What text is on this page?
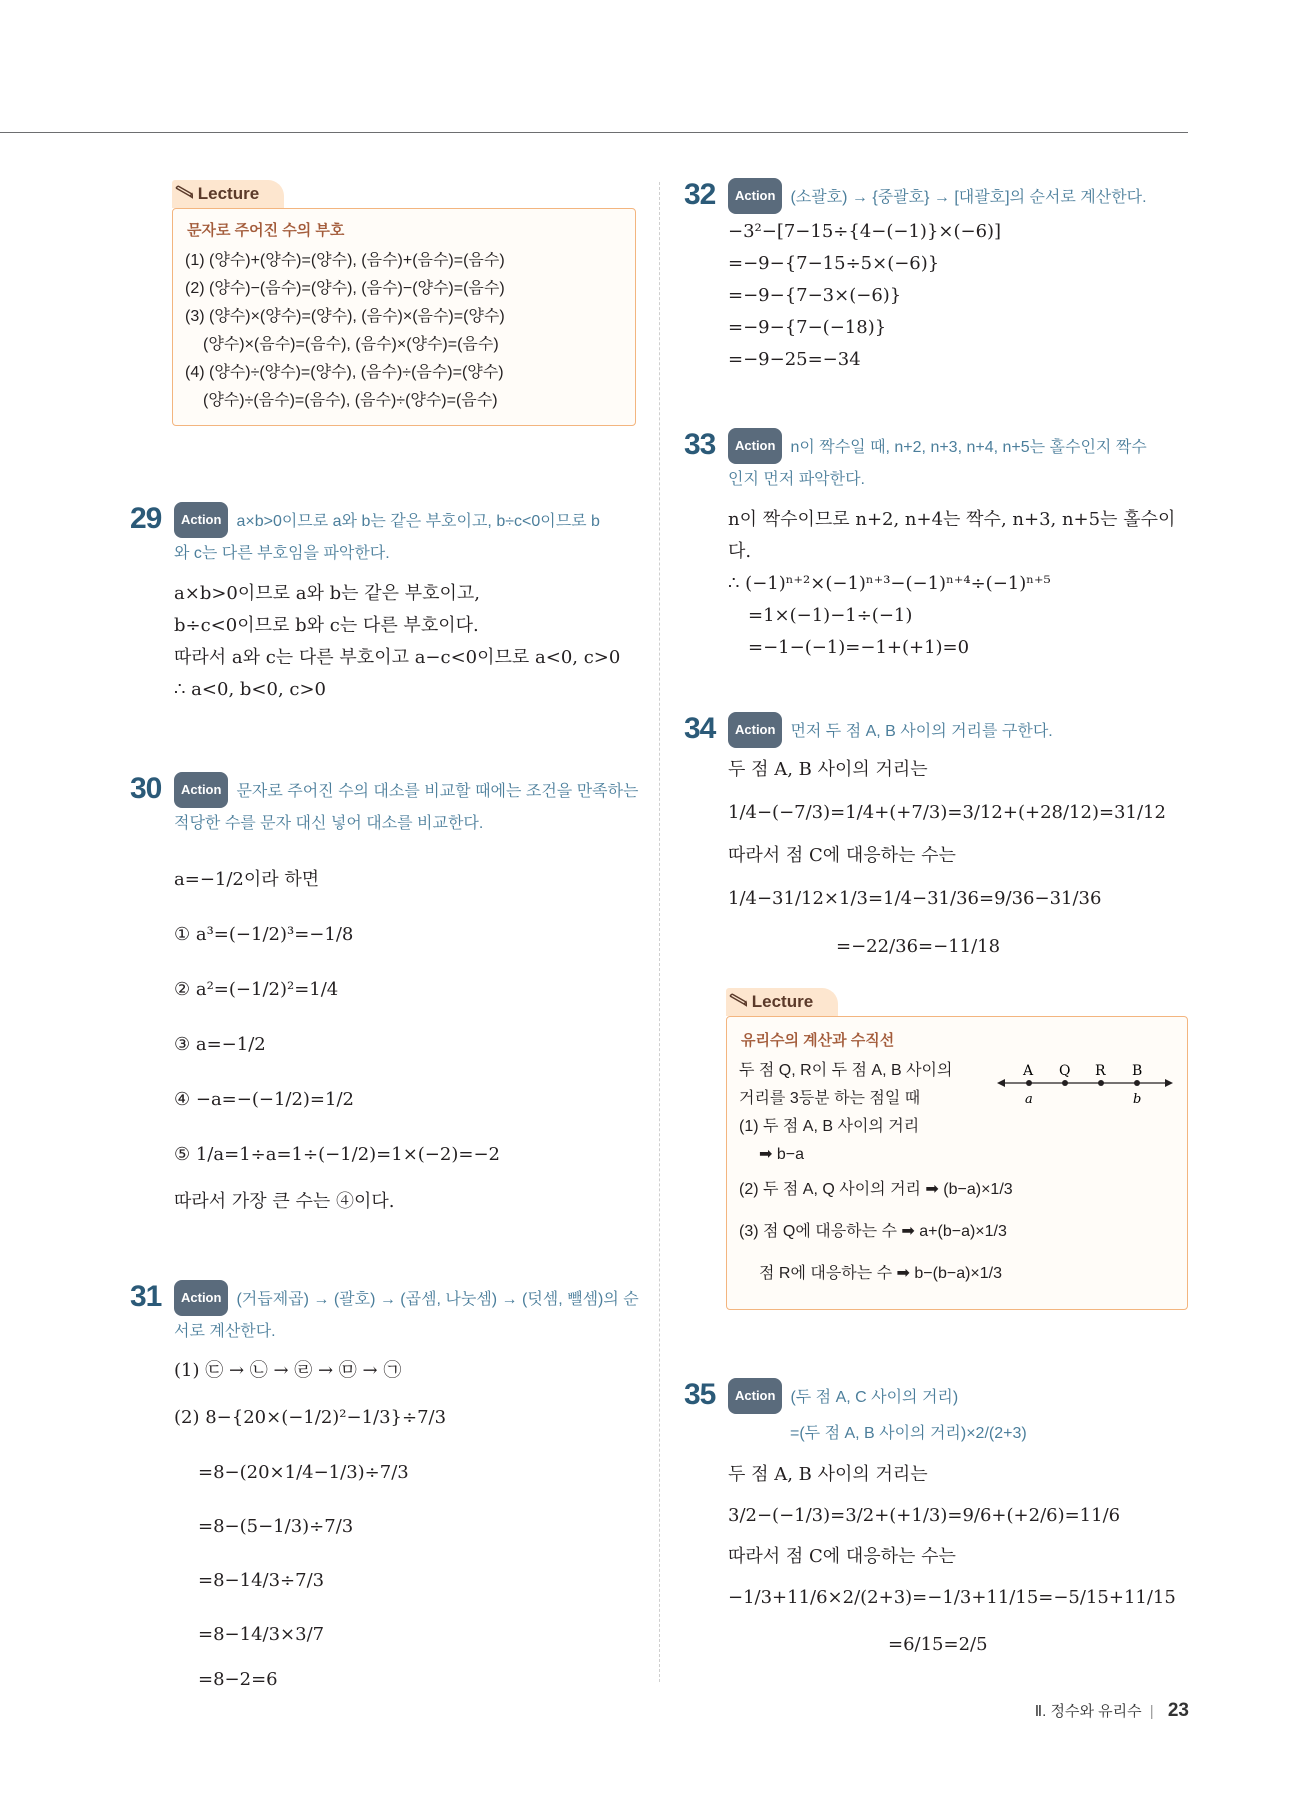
Lecture
문자로 주어진 수의 부호
(1) (양수)+(양수)=(양수), (음수)+(음수)=(음수)
(2) (양수)−(음수)=(양수), (음수)−(양수)=(음수)
(3) (양수)×(양수)=(양수), (음수)×(음수)=(양수)
(양수)×(음수)=(음수), (음수)×(양수)=(음수)
(4) (양수)÷(양수)=(양수), (음수)÷(음수)=(양수)
(양수)÷(음수)=(음수), (음수)÷(양수)=(음수)
29	Action a×b>0이므로 a와 b는 같은 부호이고, b÷c<0이므로 b
와 c는 다른 부호임을 파악한다.
a×b>0이므로 a와 b는 같은 부호이고,
b÷c<0이므로 b와 c는 다른 부호이다.
따라서 a와 c는 다른 부호이고 a−c<0이므로 a<0, c>0
∴ a<0, b<0, c>0
30	Action 문자로 주어진 수의 대소를 비교할 때에는 조건을 만족하는
적당한 수를 문자 대신 넣어 대소를 비교한다.
a=−1/2이라 하면
① a³=(−1/2)³=−1/8
② a²=(−1/2)²=1/4
③ a=−1/2
④ −a=−(−1/2)=1/2
⑤ 1/a=1÷a=1÷(−1/2)=1×(−2)=−2
따라서 가장 큰 수는 ④이다.
31	Action (거듭제곱) → (괄호) → (곱셈, 나눗셈) → (덧셈, 뺄셈)의 순
서로 계산한다.
(1) ㉢ → ㉡ → ㉣ → ㉤ → ㉠
(2) 8−{20×(−1/2)²−1/3}÷7/3
=8−(20×1/4−1/3)÷7/3
=8−(5−1/3)÷7/3
=8−14/3÷7/3
=8−14/3×3/7
=8−2=6
32	Action (소괄호) → {중괄호} → [대괄호]의 순서로 계산한다.
−3²−[7−15÷{4−(−1)}×(−6)]
=−9−{7−15÷5×(−6)}
=−9−{7−3×(−6)}
=−9−{7−(−18)}
=−9−25=−34
33	Action n이 짝수일 때, n+2, n+3, n+4, n+5는 홀수인지 짝수
인지 먼저 파악한다.
n이 짝수이므로 n+2, n+4는 짝수, n+3, n+5는 홀수이
다.
∴ (−1)ⁿ⁺²×(−1)ⁿ⁺³−(−1)ⁿ⁺⁴÷(−1)ⁿ⁺⁵
=1×(−1)−1÷(−1)
=−1−(−1)=−1+(+1)=0
34	Action 먼저 두 점 A, B 사이의 거리를 구한다.
두 점 A, B 사이의 거리는
1/4−(−7/3)=1/4+(+7/3)=3/12+(+28/12)=31/12
따라서 점 C에 대응하는 수는
1/4−31/12×1/3=1/4−31/36=9/36−31/36
=−22/36=−11/18
Lecture
유리수의 계산과 수직선
두 점 Q, R이 두 점 A, B 사이의
거리를 3등분 하는 점일 때
(1) 두 점 A, B 사이의 거리
➡ b−a
(2) 두 점 A, Q 사이의 거리 ➡ (b−a)×1/3
(3) 점 Q에 대응하는 수 ➡ a+(b−a)×1/3
점 R에 대응하는 수 ➡ b−(b−a)×1/3
A Q R B
a	b
35	Action (두 점 A, C 사이의 거리)
=(두 점 A, B 사이의 거리)×2/(2+3)
두 점 A, B 사이의 거리는
3/2−(−1/3)=3/2+(+1/3)=9/6+(+2/6)=11/6
따라서 점 C에 대응하는 수는
−1/3+11/6×2/(2+3)=−1/3+11/15=−5/15+11/15
=6/15=2/5
Ⅱ. 정수와 유리수 | 23
